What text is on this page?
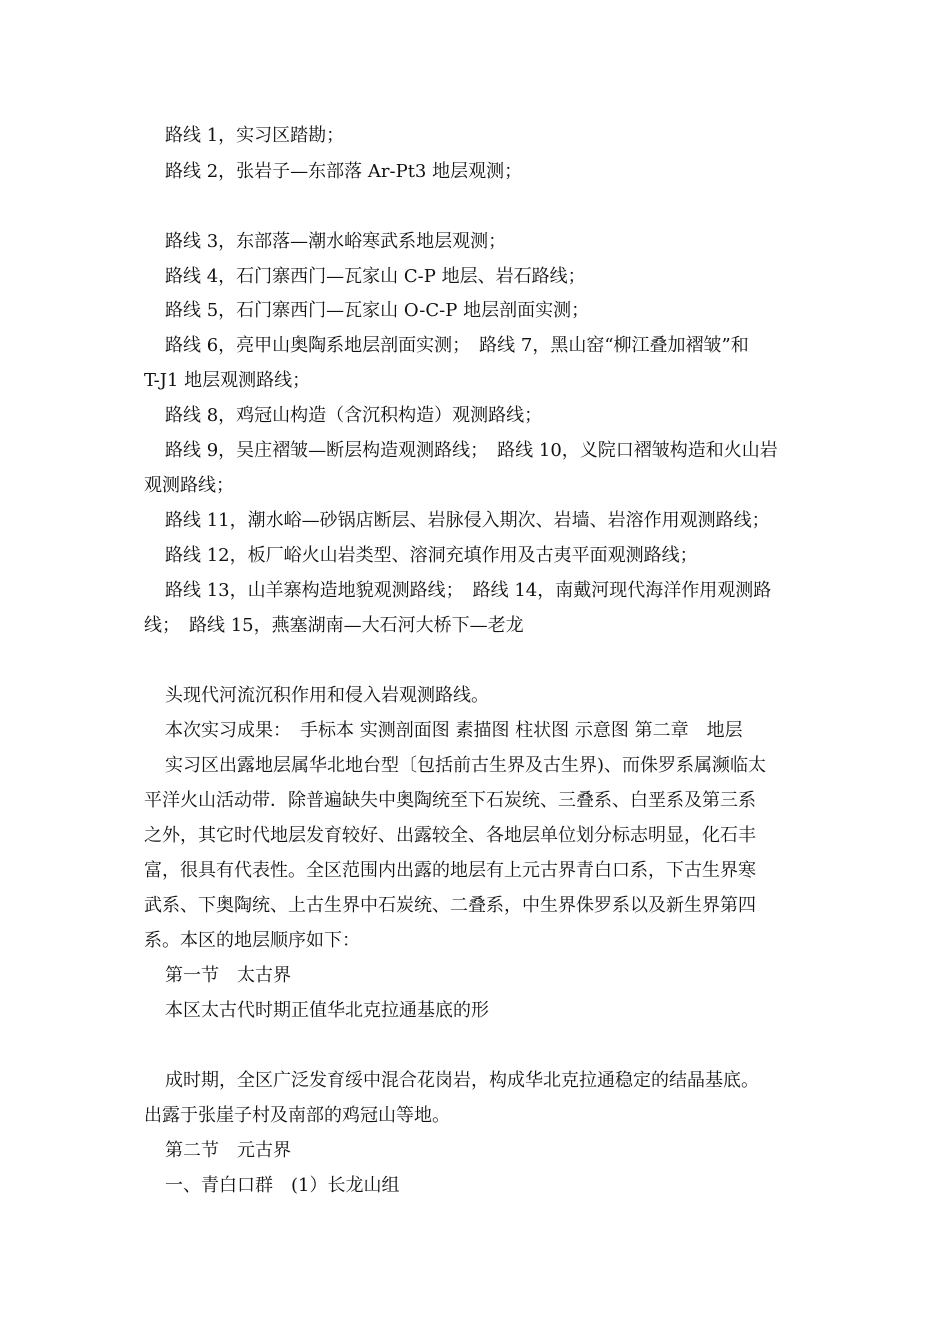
路线 1，实习区踏勘；
路线 2，张岩子—东部落 Ar-Pt3 地层观测；
路线 3，东部落—潮水峪寒武系地层观测；
路线 4，石门寨西门—瓦家山 C-P 地层、岩石路线；
路线 5，石门寨西门—瓦家山 O-C-P 地层剖面实测；
路线 6，亮甲山奥陶系地层剖面实测；　路线 7，黑山窑“柳江叠加褶皱”和
T-J1 地层观测路线；
路线 8，鸡冠山构造（含沉积构造）观测路线；
路线 9，吴庄褶皱—断层构造观测路线；　路线 10，义院口褶皱构造和火山岩
观测路线；
路线 11，潮水峪—砂锅店断层、岩脉侵入期次、岩墙、岩溶作用观测路线；
路线 12，板厂峪火山岩类型、溶洞充填作用及古夷平面观测路线；
路线 13，山羊寨构造地貌观测路线；　路线 14，南戴河现代海洋作用观测路
线；　路线 15，燕塞湖南—大石河大桥下—老龙
头现代河流沉积作用和侵入岩观测路线。
本次实习成果：　手标本 实测剖面图 素描图 柱状图 示意图 第二章　地层
实习区出露地层属华北地台型〔包括前古生界及古生界)、而侏罗系属濒临太
平洋火山活动带．除普遍缺失中奥陶统至下石炭统、三叠系、白垩系及第三系
之外，其它时代地层发育较好、出露较全、各地层单位划分标志明显，化石丰
富，很具有代表性。全区范围内出露的地层有上元古界青白口系，下古生界寒
武系、下奥陶统、上古生界中石炭统、二叠系，中生界侏罗系以及新生界第四
系。本区的地层顺序如下：
第一节　太古界
本区太古代时期正值华北克拉通基底的形
成时期，全区广泛发育绥中混合花岗岩，构成华北克拉通稳定的结晶基底。
出露于张崖子村及南部的鸡冠山等地。
第二节　元古界
一、青白口群　(1）长龙山组
